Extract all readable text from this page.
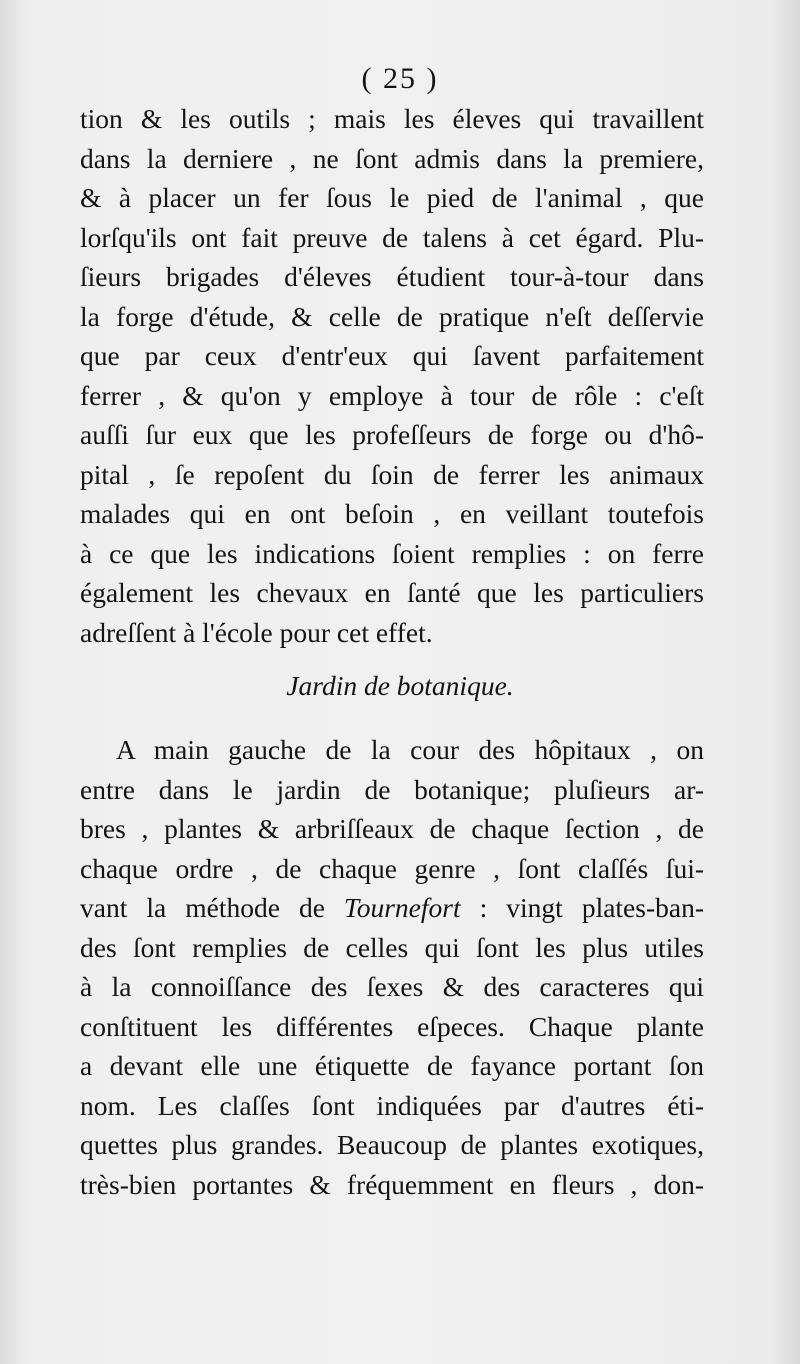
( 25 )
tion & les outils ; mais les éleves qui travaillent
dans la derniere , ne ſont admis dans la premiere,
& à placer un fer ſous le pied de l'animal , que
lorſqu'ils ont fait preuve de talens à cet égard. Plu-
ſieurs brigades d'éleves étudient tour-à-tour dans
la forge d'étude, & celle de pratique n'eſt deſſervie
que par ceux d'entr'eux qui ſavent parfaitement
ferrer , & qu'on y employe à tour de rôle : c'eſt
auſſi ſur eux que les profeſſeurs de forge ou d'hô-
pital , ſe repoſent du ſoin de ferrer les animaux
malades qui en ont beſoin , en veillant toutefois
à ce que les indications ſoient remplies : on ferre
également les chevaux en ſanté que les particuliers
adreſſent à l'école pour cet effet.
Jardin de botanique.
A main gauche de la cour des hôpitaux , on
entre dans le jardin de botanique; pluſieurs ar-
bres , plantes & arbriſſeaux de chaque ſection , de
chaque ordre , de chaque genre , ſont claſſés ſui-
vant la méthode de Tournefort : vingt plates-ban-
des ſont remplies de celles qui ſont les plus utiles
à la connoiſſance des ſexes & des caracteres qui
conſtituent les différentes eſpeces. Chaque plante
a devant elle une étiquette de fayance portant ſon
nom. Les claſſes ſont indiquées par d'autres éti-
quettes plus grandes. Beaucoup de plantes exotiques,
très-bien portantes & fréquemment en fleurs , don-
